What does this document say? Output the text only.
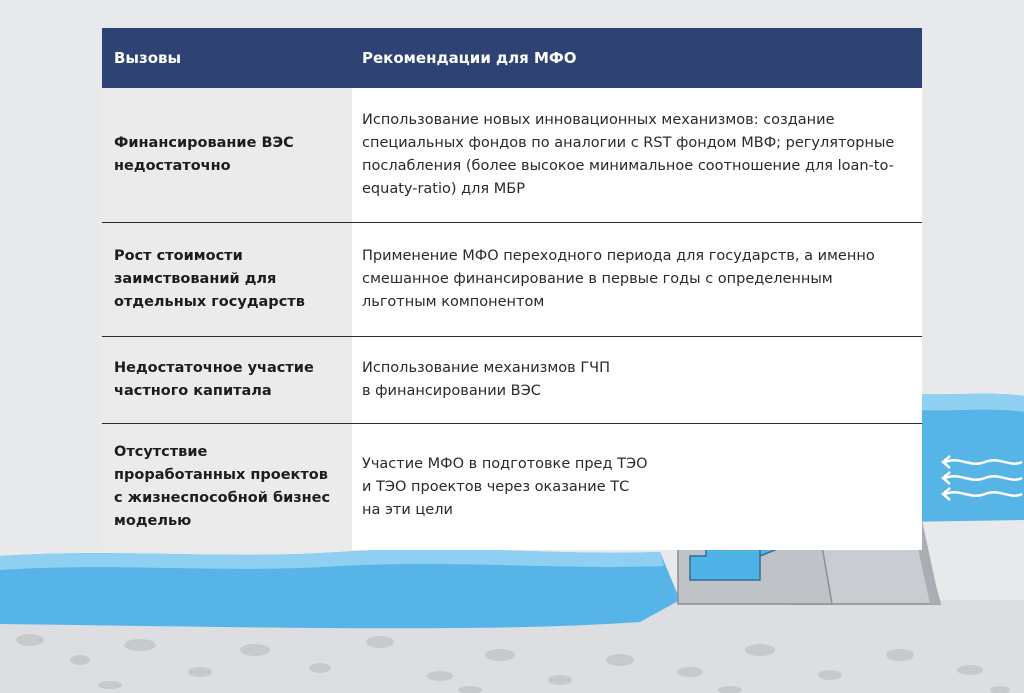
Вызовы	Рекомендации для МФО
Финансирование ВЭС
недостаточно
Использование новых инновационных механизмов: создание
специальных фондов по аналогии с RST фондом МВФ; регуляторные
послабления (более высокое минимальное соотношение для loan-to-
equaty-ratio) для МБР
Рост стоимости
заимствований для
отдельных государств
Применение МФО переходного периода для государств, а именно
смешанное финансирование в первые годы с определенным
льготным компонентом
Недостаточное участие
частного капитала
Использование механизмов ГЧП
в финансировании ВЭС
Отсутствие
проработанных проектов
с жизнеспособной бизнес
моделью
Участие МФО в подготовке пред ТЭО
и ТЭО проектов через оказание ТС
на эти цели
